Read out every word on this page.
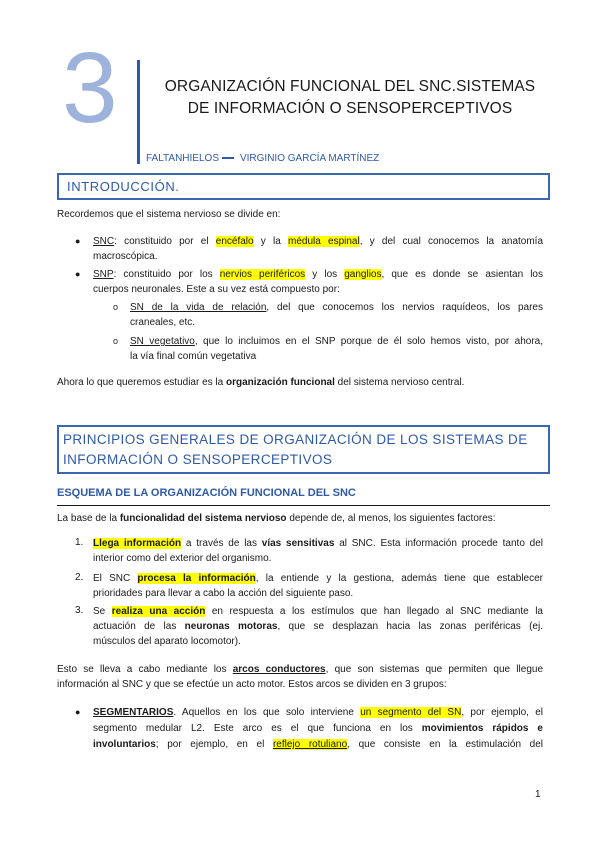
3	ORGANIZACIÓN FUNCIONAL DEL SNC.SISTEMAS
DE INFORMACIÓN O SENSOPERCEPTIVOS
FALTANHIELOS VIRGINIO GARCÍA MARTÍNEZ
INTRODUCCIÓN.
Recordemos que el sistema nervioso se divide en:
● SNC: constituido por el encéfalo y la médula espinal, y del cual conocemos la anatomía
macroscópica.
● SNP: constituido por los nervios periféricos y los ganglios, que es donde se asientan los
cuerpos neuronales. Este a su vez está compuesto por:
o SN de la vida de relación, del que conocemos los nervios raquídeos, los pares
craneales, etc.
o SN vegetativo, que lo incluimos en el SNP porque de él solo hemos visto, por ahora,
la vía final común vegetativa
Ahora lo que queremos estudiar es la organización funcional del sistema nervioso central.
PRINCIPIOS GENERALES DE ORGANIZACIÓN DE LOS SISTEMAS DE
INFORMACIÓN O SENSOPERCEPTIVOS
ESQUEMA DE LA ORGANIZACIÓN FUNCIONAL DEL SNC
La base de la funcionalidad del sistema nervioso depende de, al menos, los siguientes factores:
1. Llega información a través de las vías sensitivas al SNC. Esta información procede tanto del
interior como del exterior del organismo.
2. El SNC procesa la información, la entiende y la gestiona, además tiene que establecer
prioridades para llevar a cabo la acción del siguiente paso.
3. Se realiza una acción en respuesta a los estímulos que han llegado al SNC mediante la
actuación de las neuronas motoras, que se desplazan hacia las zonas periféricas (ej.
músculos del aparato locomotor).
Esto se lleva a cabo mediante los arcos conductores, que son sistemas que permiten que llegue
información al SNC y que se efectúe un acto motor. Estos arcos se dividen en 3 grupos:
● SEGMENTARIOS. Aquellos en los que solo interviene un segmento del SN, por ejemplo, el
segmento medular L2. Este arco es el que funciona en los movimientos rápidos e
involuntarios; por ejemplo, en el reflejo rotuliano, que consiste en la estimulación del
1
